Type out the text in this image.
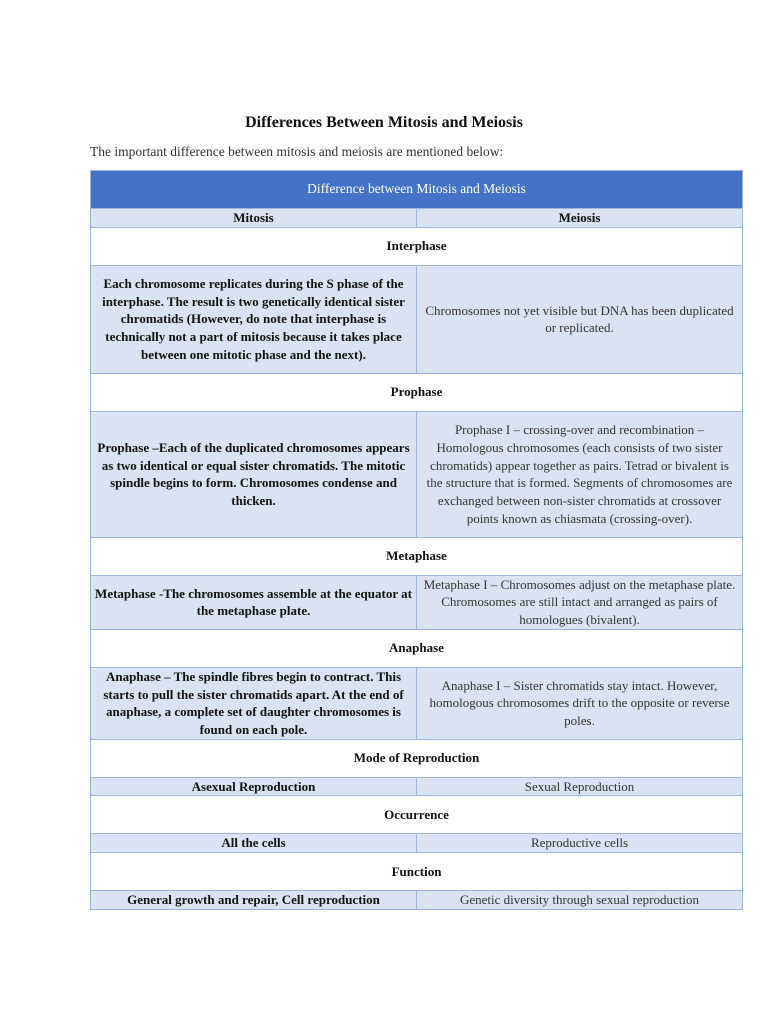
Differences Between Mitosis and Meiosis
The important difference between mitosis and meiosis are mentioned below:
Difference between Mitosis and Meiosis	
Mitosis	Meiosis
Interphase	
Each chromosome replicates during the S phase of the interphase. The result is two genetically identical sister chromatids (However, do note that interphase is technically not a part of mitosis because it takes place between one mitotic phase and the next).	Chromosomes not yet visible but DNA has been duplicated or replicated.
Prophase	
Prophase –Each of the duplicated chromosomes appears as two identical or equal sister chromatids. The mitotic spindle begins to form. Chromosomes condense and thicken.	Prophase I – crossing-over and recombination – Homologous chromosomes (each consists of two sister chromatids) appear together as pairs. Tetrad or bivalent is the structure that is formed. Segments of chromosomes are exchanged between non-sister chromatids at crossover points known as chiasmata (crossing-over).
Metaphase	
Metaphase -The chromosomes assemble at the equator at the metaphase plate.	Metaphase I – Chromosomes adjust on the metaphase plate. Chromosomes are still intact and arranged as pairs of homologues (bivalent).
Anaphase	
Anaphase – The spindle fibres begin to contract. This starts to pull the sister chromatids apart. At the end of anaphase, a complete set of daughter chromosomes is found on each pole.	Anaphase I – Sister chromatids stay intact. However, homologous chromosomes drift to the opposite or reverse poles.
Mode of Reproduction	
Asexual Reproduction	Sexual Reproduction
Occurrence	
All the cells	Reproductive cells
Function	
General growth and repair, Cell reproduction	Genetic diversity through sexual reproduction
